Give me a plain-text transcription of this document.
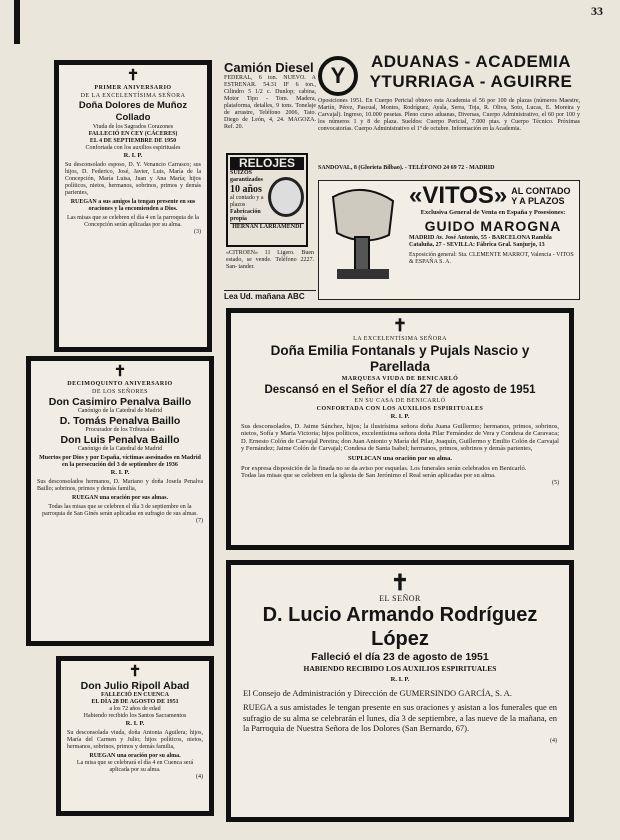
33
✝

PRIMER ANIVERSARIO

DE LA EXCELENTÍSIMA SEÑORA

Doña Dolores de Muñoz Collado

Viuda de los Sagrados Corazones

FALLECIÓ EN CEY (CÁCERES)

EL 4 DE SEPTIEMBRE DE 1950

Confortada con los auxilios espirituales

R. I. P.

Su desconsolado esposo, D. Y. Venancio Carrasco; sus hijos, D. Federico, José, Javier, Luis, María de la Concepción, María Luisa, Juan y Ana María; hijos políticos, nietos, hermanos, sobrinos, primos y demás parientes,

RUEGAN a sus amigos la tengan presente en sus oraciones y la encomienden a Dios.

Las misas que se celebren el día 4 en la parroquia de la Concepción serán aplicadas por su alma.

(3)

✝

DECIMOQUINTO ANIVERSARIO

DE LOS SEÑORES

Don Casimiro Penalva Baillo

Canónigo de la Catedral de Madrid

D. Tomás Penalva Baillo

Procurador de los Tribunales

Don Luis Penalva Baillo

Canónigo de la Catedral de Madrid

Muertos por Dios y por España, víctimas asesinados en Madrid en la persecución del 3 de septiembre de 1936

R. I. P.

Sus desconsolados hermanos, D. Mariano y doña Josefa Penalva Baillo; sobrinos, primos y demás familia,

RUEGAN una oración por sus almas.

Todas las misas que se celebren el día 3 de septiembre en la parroquia de San Ginés serán aplicadas en sufragio de sus almas.

(7)

✝

Don Julio Ripoll Abad

FALLECIÓ EN CUENCA

EL DÍA 28 DE AGOSTO DE 1951

a los 72 años de edad

Habiendo recibido los Santos Sacramentos

R. I. P.

Su desconsolada viuda, doña Antonia Aguilera; hijos, María del Carmen y Julio; hijos políticos, nietos, hermanos, sobrinos, primos y demás familia,

RUEGAN una oración por su alma.

La misa que se celebrará el día 4 en Cuenca será aplicada por su alma.

(4)

Camión Diesel

FEDERAL, 6 ton. NUEVO. A ESTRENAR. 54.31 IF 6 ton., Cilindro 5 1/2 c. Dunlop; cabina, Motor Tipo - Tom. Madera, plataforma, detalles, 9 tons. Tonelaje de arrastre, Teléfono 2006, Tato. Diego de León, 4, 24. MAGOZA. Ref. 20.

RELOJES

SUIZOS garantizados

10 años

al contado y a plazos

Fabricación propia

HERNAN LARRAMENDI

«CITROEN» 11 Ligero. Buen estado, se vende. Teléfono 2227. San- tander.

Lea Ud. mañana ABC

Y

ADUANAS - ACADEMIA

YTURRIAGA - AGUIRRE

Oposiciones 1951. En Cuerpo Pericial obtuvo esta Academia el 56 por 100 de plazas (números Maestre, Martín, Pérez, Pascual, Montes, Rodríguez, Ayala, Serra, Toja, R. Oliva, Soto, Lucas, E. Moreira y Carvajal). Ingreso, 10.000 pesetas. Pleno curso aduanas, Diversas, Cuerpo Administrativo, el 60 por 100 y los números 1 y 8 de plaza. Sueldos: Cuerpo Pericial, 7.000 ptas. y Cuerpo Técnico. Próximas convocatorias. Cuerpo Administrativo el 1º de octubre. Información en la Academia.

SANDOVAL, 8 (Glorieta Bilbao). - TELÉFONO 24 69 72 - MADRID

«VITOS» AL CONTADO Y A PLAZOS

Exclusiva General de Venta en España y Posesiones:

GUIDO MAROGNA

MADRID Av. José Antonio, 55 - BARCELONA Rambla Cataluña, 27 - SEVILLA: Fábrica Gral. Sanjurjo, 13

Exposición general: Sta. CLEMENTE MARROT, Valencia - VITOS & ESPAÑA S. A.

✝

LA EXCELENTÍSIMA SEÑORA

Doña Emilia Fontanals y Pujals Nascio y Parellada

MARQUESA VIUDA DE BENICARLÓ

Descansó en el Señor el día 27 de agosto de 1951

EN SU CASA DE BENICARLÓ

CONFORTADA CON LOS AUXILIOS ESPIRITUALES

R. I. P.

Sus desconsolados, D. Jaime Sánchez, hijos; la ilustrísima señora doña Juana Guillermo; hermanos, primos, sobrinos, nietos, Sofía y María Victoria; hijos políticos, excelentísima señora doña Pilar Fernández de Vera y Condesa de Caravaca; D. Ernesto Colón de Carvajal Pereira; don Juan Antonio y María del Pilar, Joaquín, Guillermo y Emilio Colón de Carvajal y Fernández; Jaime Colón de Carvajal; Condesa de Santa Isabel; hermanos, primos, sobrinos y demás parientes,

SUPLICAN una oración por su alma.

Por expresa disposición de la finada no se da aviso por esquelas. Los funerales serán celebrados en Benicarló.

Todas las misas que se celebren en la iglesia de San Jerónimo el Real serán aplicadas por su alma.

(5)

✝

EL SEÑOR

D. Lucio Armando Rodríguez López

Falleció el día 23 de agosto de 1951

HABIENDO RECIBIDO LOS AUXILIOS ESPIRITUALES

R. I. P.

El Consejo de Administración y Dirección de GUMERSINDO GARCÍA, S. A.

RUEGA a sus amistades le tengan presente en sus oraciones y asistan a los funerales que en sufragio de su alma se celebrarán el lunes, día 3 de septiembre, a las nueve de la mañana, en la Parroquia de Nuestra Señora de los Dolores (San Bernardo, 67).

(4)
